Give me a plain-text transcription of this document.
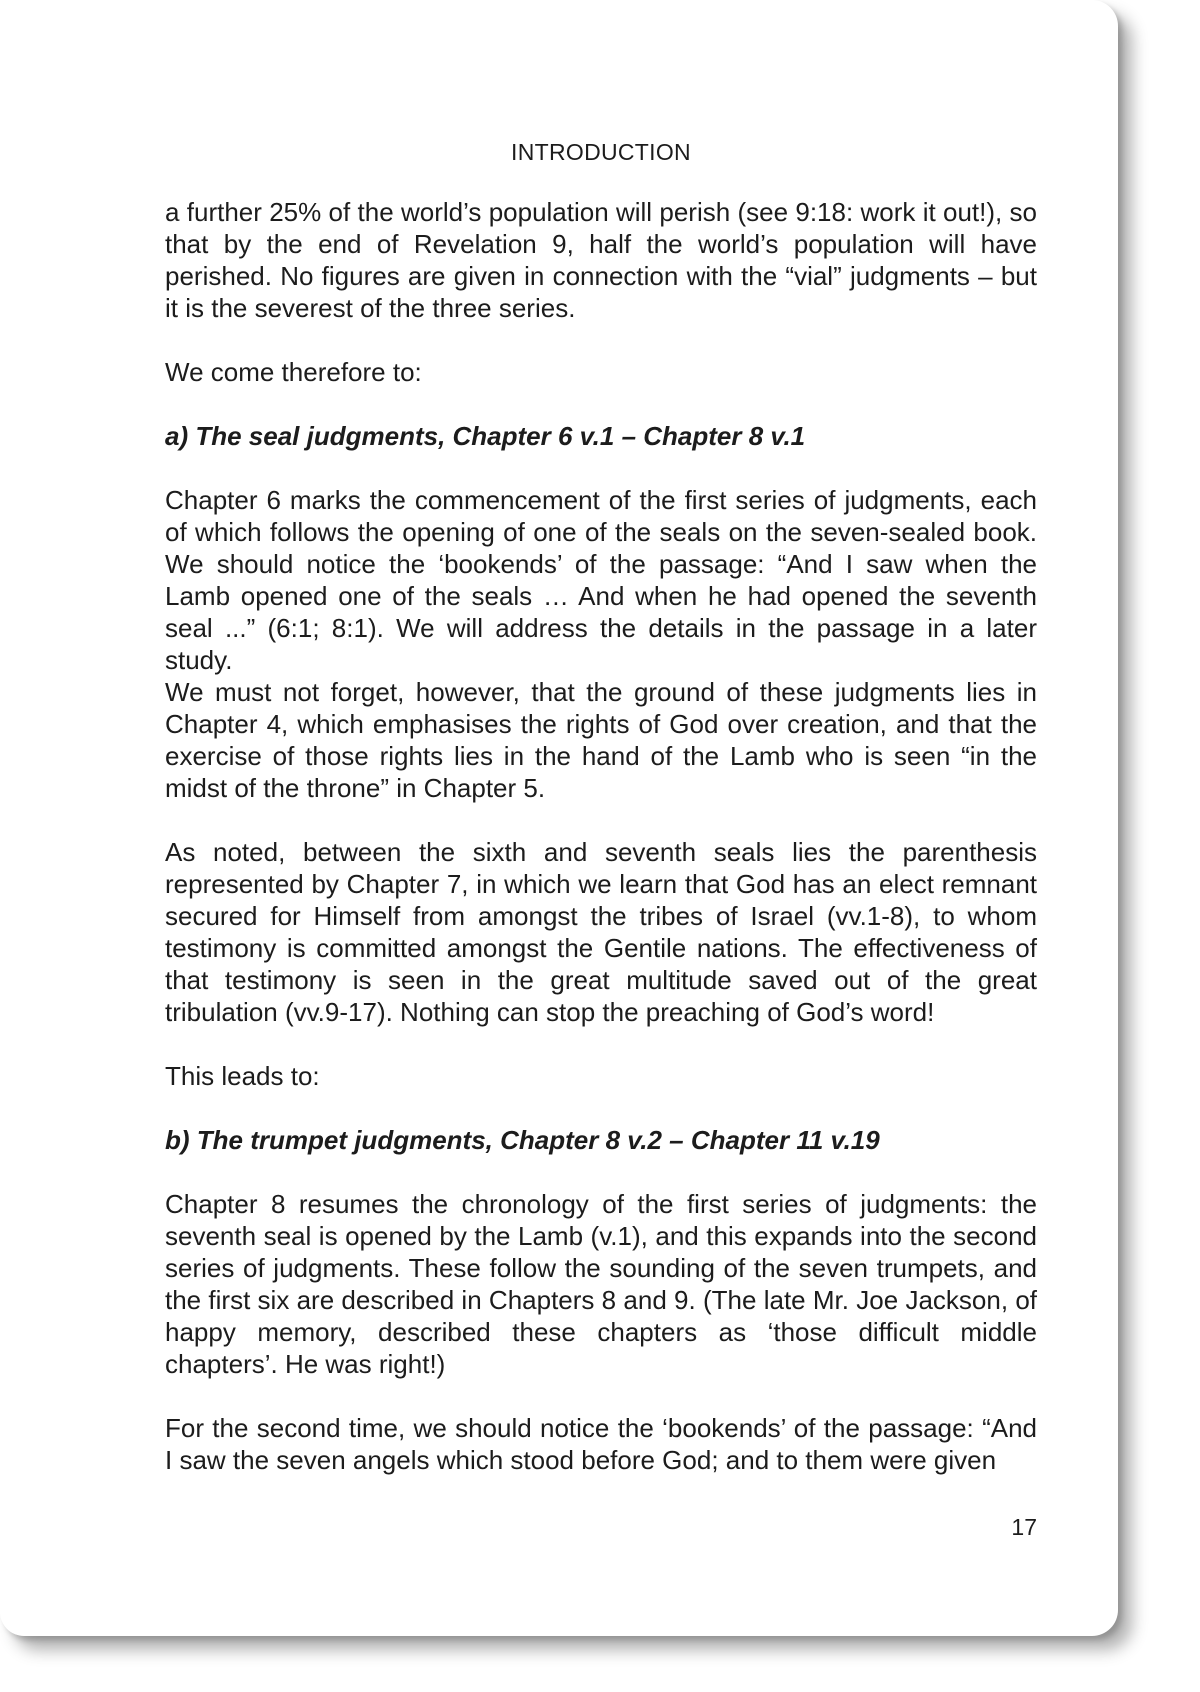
INTRODUCTION

a further 25% of the world’s population will perish (see 9:18: work it out!), so that by the end of Revelation 9, half the world’s population will have perished. No figures are given in connection with the “vial” judgments – but it is the severest of the three series.

We come therefore to:

a) The seal judgments, Chapter 6 v.1 – Chapter 8 v.1

Chapter 6 marks the commencement of the first series of judgments, each of which follows the opening of one of the seals on the seven-sealed book. We should notice the ‘bookends’ of the passage: “And I saw when the Lamb opened one of the seals … And when he had opened the seventh seal ...” (6:1; 8:1). We will address the details in the passage in a later study.

We must not forget, however, that the ground of these judgments lies in Chapter 4, which emphasises the rights of God over creation, and that the exercise of those rights lies in the hand of the Lamb who is seen “in the midst of the throne” in Chapter 5.

As noted, between the sixth and seventh seals lies the parenthesis represented by Chapter 7, in which we learn that God has an elect remnant secured for Himself from amongst the tribes of Israel (vv.1-8), to whom testimony is committed amongst the Gentile nations. The effectiveness of that testimony is seen in the great multitude saved out of the great tribulation (vv.9-17). Nothing can stop the preaching of God’s word!

This leads to:

b) The trumpet judgments, Chapter 8 v.2 – Chapter 11 v.19

Chapter 8 resumes the chronology of the first series of judgments: the seventh seal is opened by the Lamb (v.1), and this expands into the second series of judgments. These follow the sounding of the seven trumpets, and the first six are described in Chapters 8 and 9. (The late Mr. Joe Jackson, of happy memory, described these chapters as ‘those difficult middle chapters’. He was right!)

For the second time, we should notice the ‘bookends’ of the passage: “And I saw the seven angels which stood before God; and to them were given

17
